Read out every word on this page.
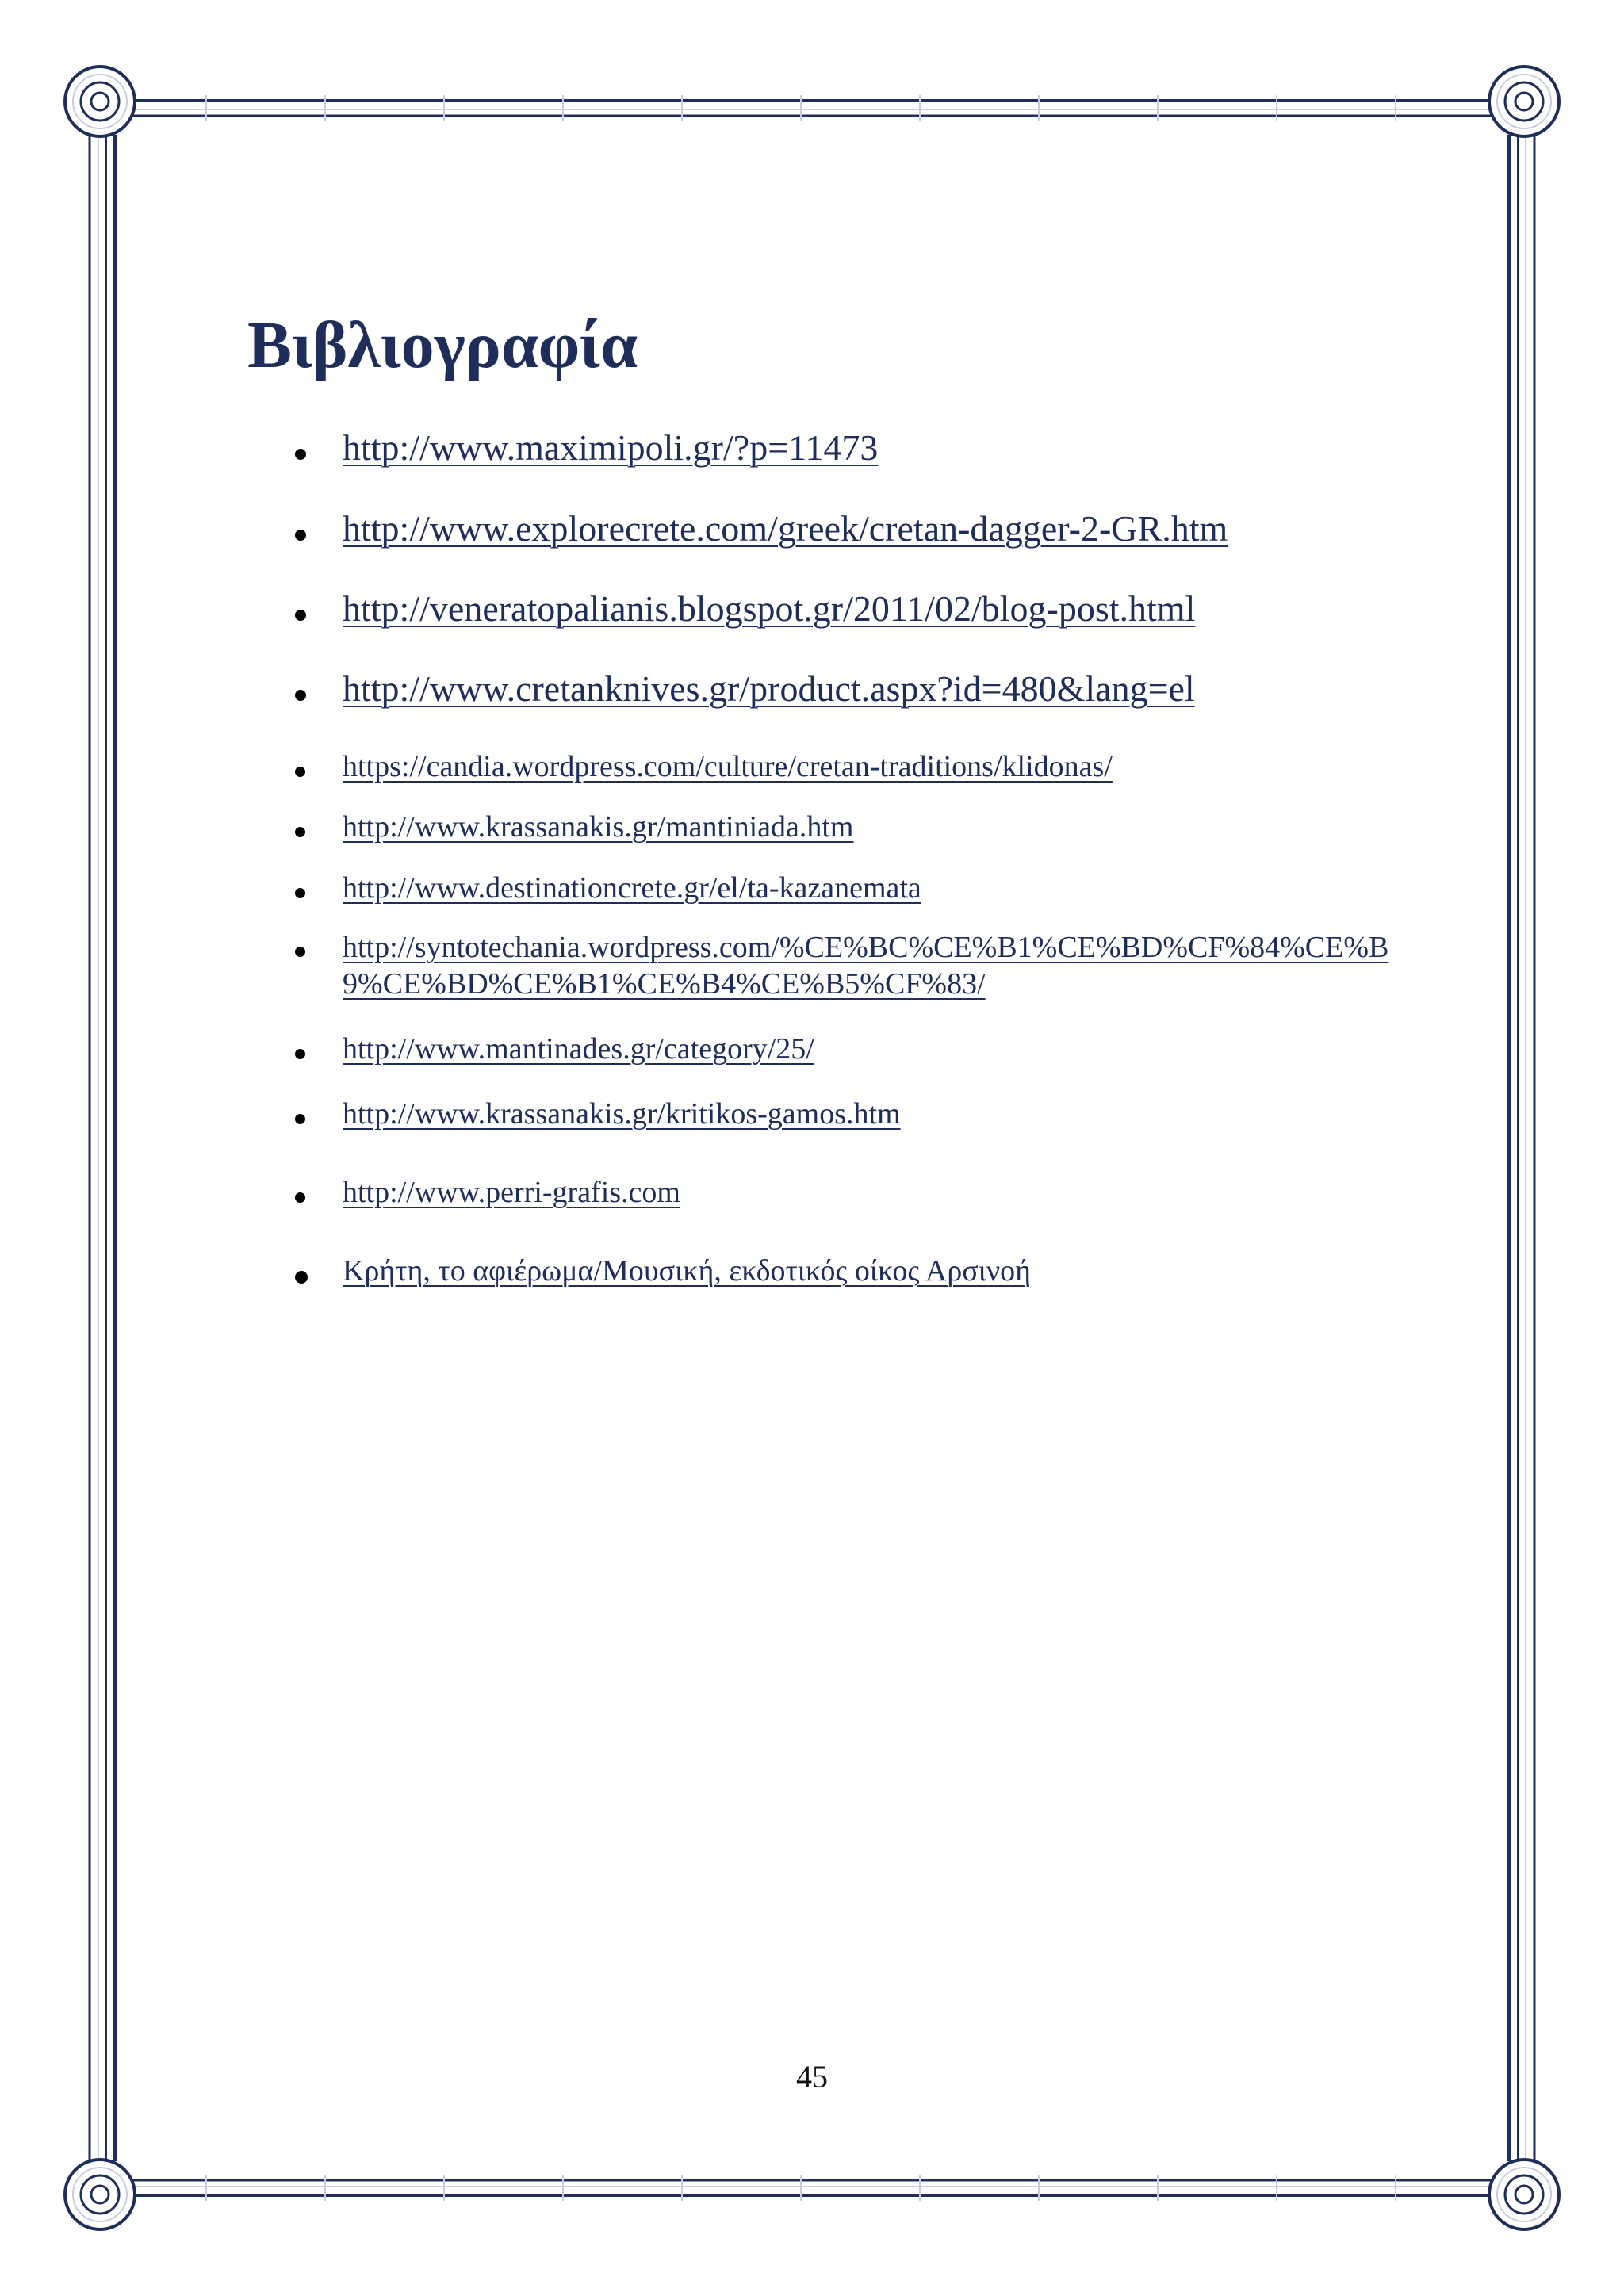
Βιβλιογραφία
http://www.maximipoli.gr/?p=11473
http://www.explorecrete.com/greek/cretan-dagger-2-GR.htm
http://veneratopalianis.blogspot.gr/2011/02/blog-post.html
http://www.cretanknives.gr/product.aspx?id=480&lang=el
https://candia.wordpress.com/culture/cretan-traditions/klidonas/
http://www.krassanakis.gr/mantiniada.htm
http://www.destinationcrete.gr/el/ta-kazanemata
http://syntotechania.wordpress.com/%CE%BC%CE%B1%CE%BD%CF%84%CE%B9%CE%BD%CE%B1%CE%B4%CE%B5%CF%83/
http://www.mantinades.gr/category/25/
http://www.krassanakis.gr/kritikos-gamos.htm
http://www.perri-grafis.com
Κρήτη, το αφιέρωμα/Μουσική, εκδοτικός οίκος Αρσινοή
45
